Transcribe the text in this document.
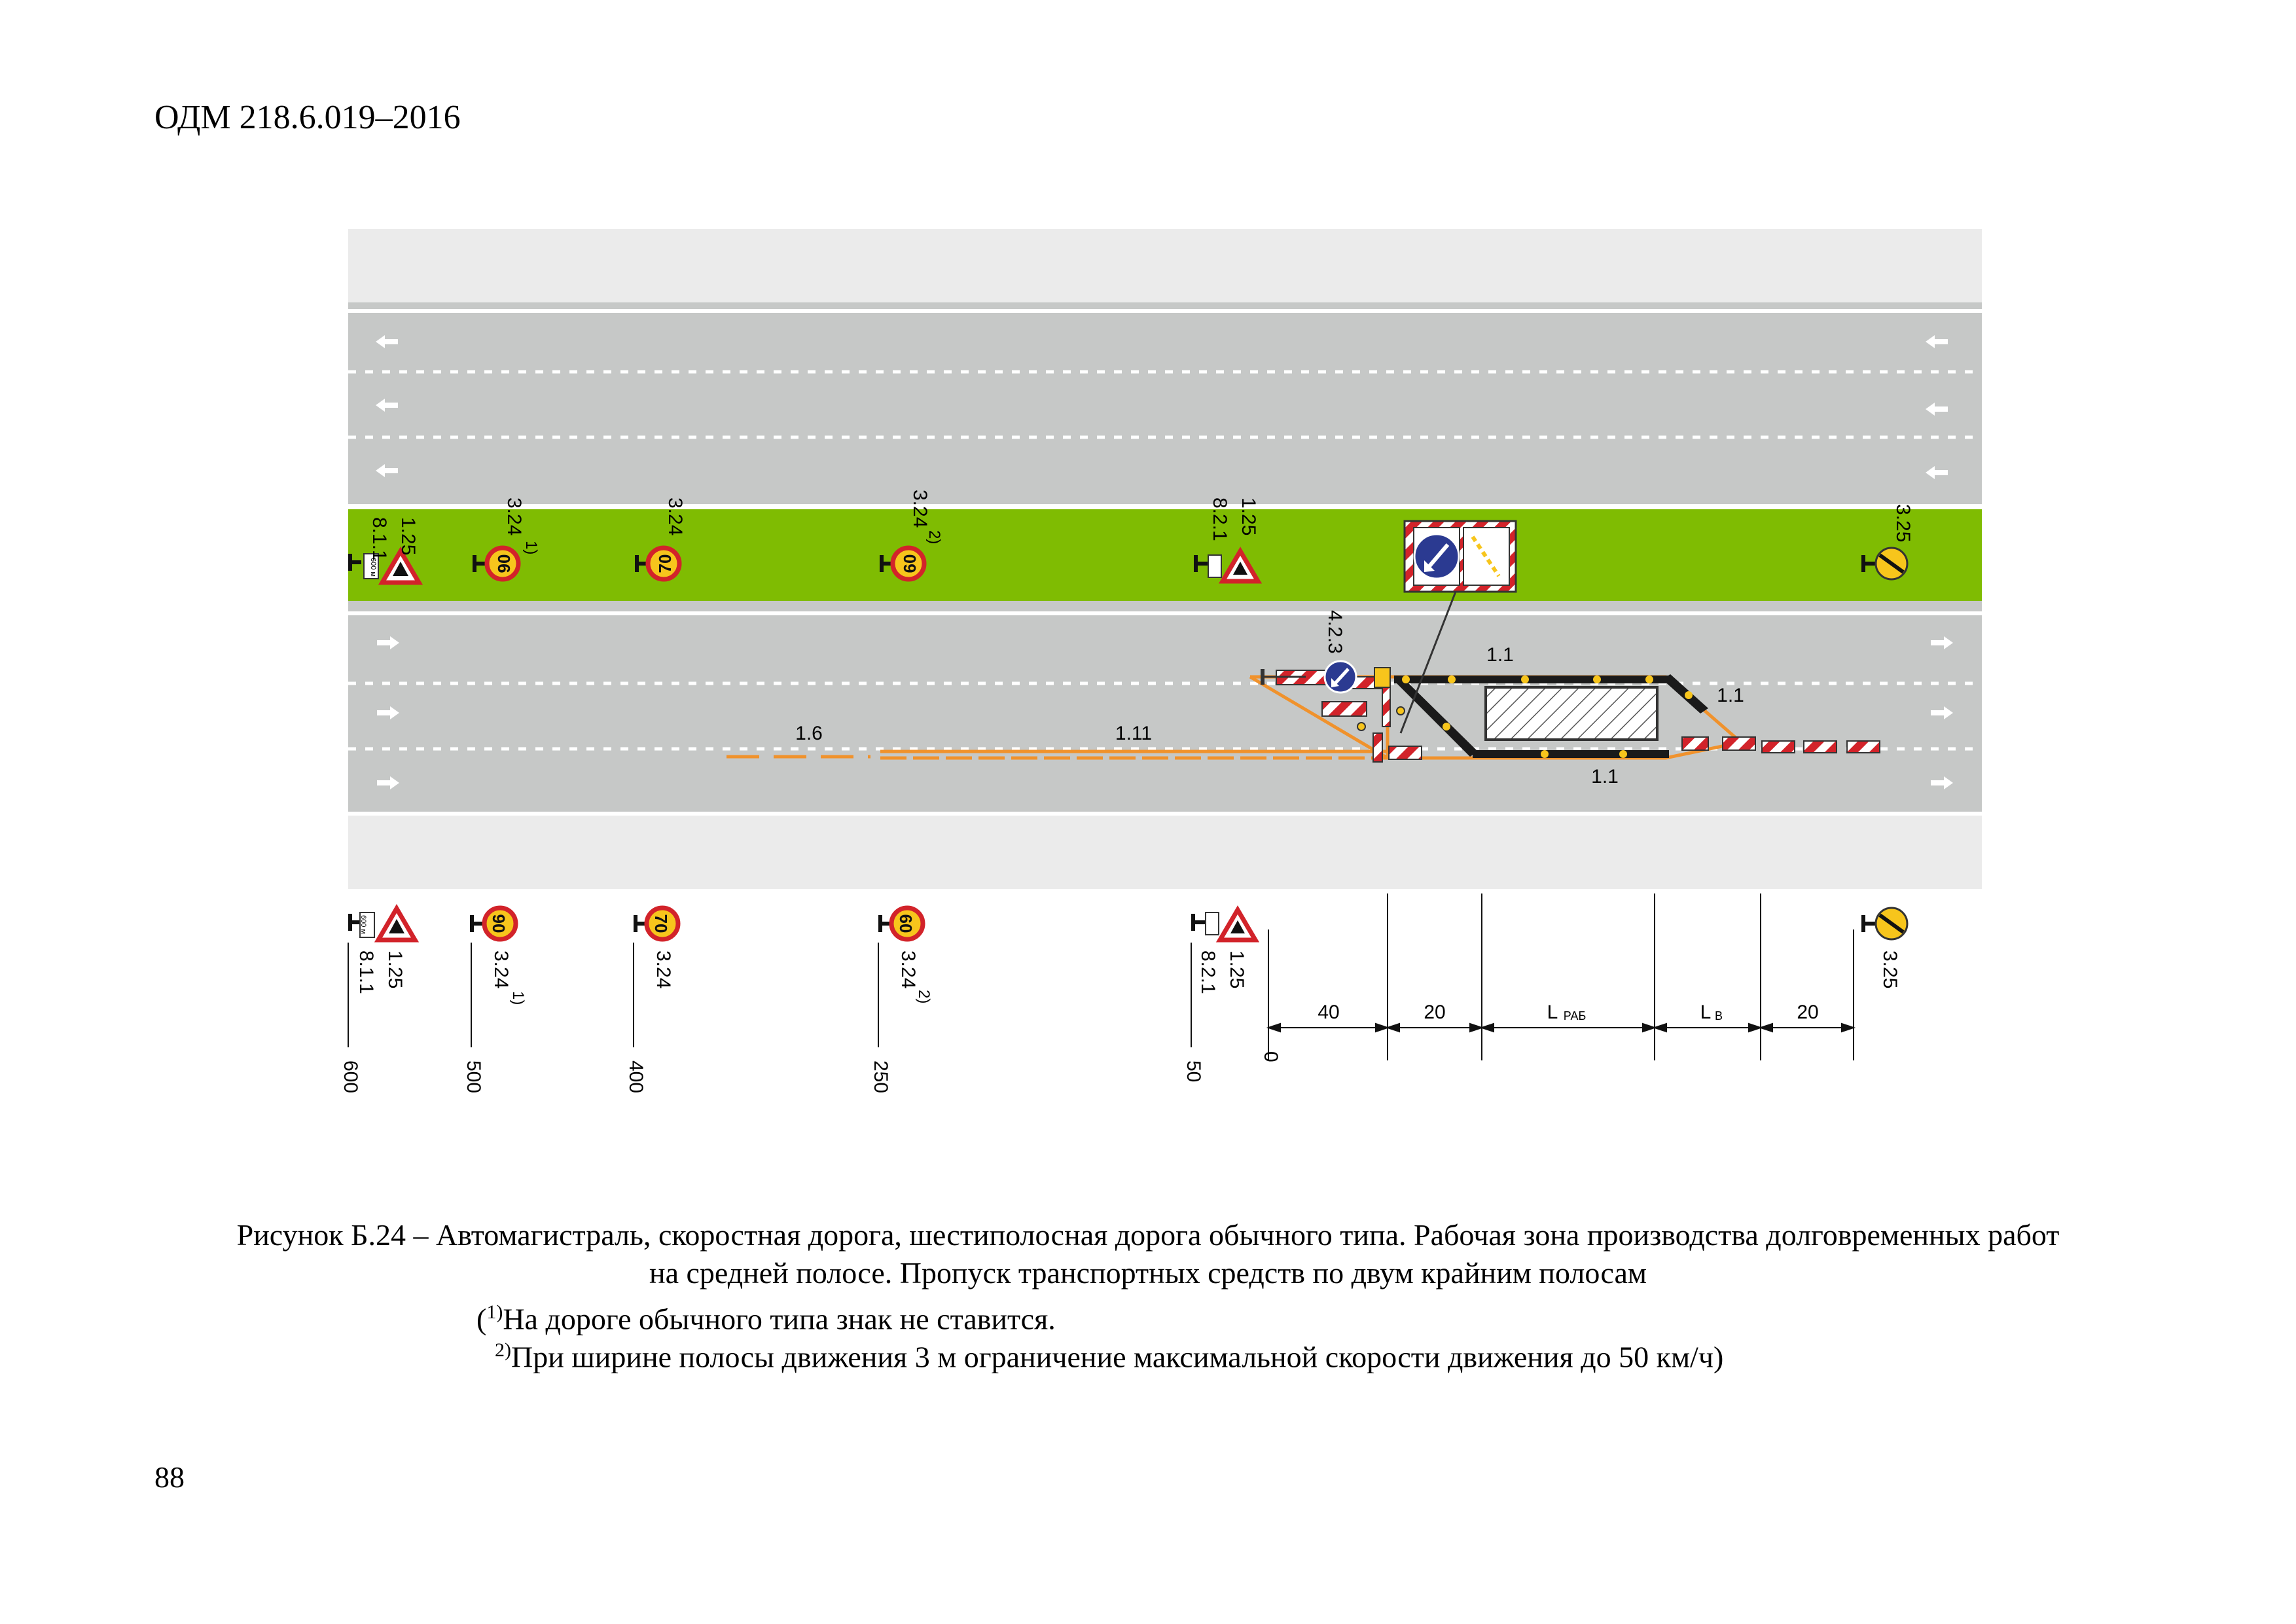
ОДМ 218.6.019–2016
90	70	60
90	70	60
1.25
8.1.1
600 м
3.24
1)
3.24	3.24
2)
1.25
8.2.1	3.25
1.25
8.1.1
600 м
3.24
1)
3.24	3.24
2)
1.25
8.2.1	3.25
600	500	400	250	50
0
40	20	L РАБ	L В	20
1.6	1.11
1.1
1.1
1.1
4.2.3
Рисунок Б.24 – Автомагистраль, скоростная дорога, шестиполосная дорога обычного типа. Рабочая зона производства долговременных работ
на средней полосе. Пропуск транспортных средств по двум крайним полосам
($^{1)}$На дороге обычного типа знак не ставится.
$^{2)}$При ширине полосы движения 3 м ограничение максимальной скорости движения до 50 км/ч)
88
